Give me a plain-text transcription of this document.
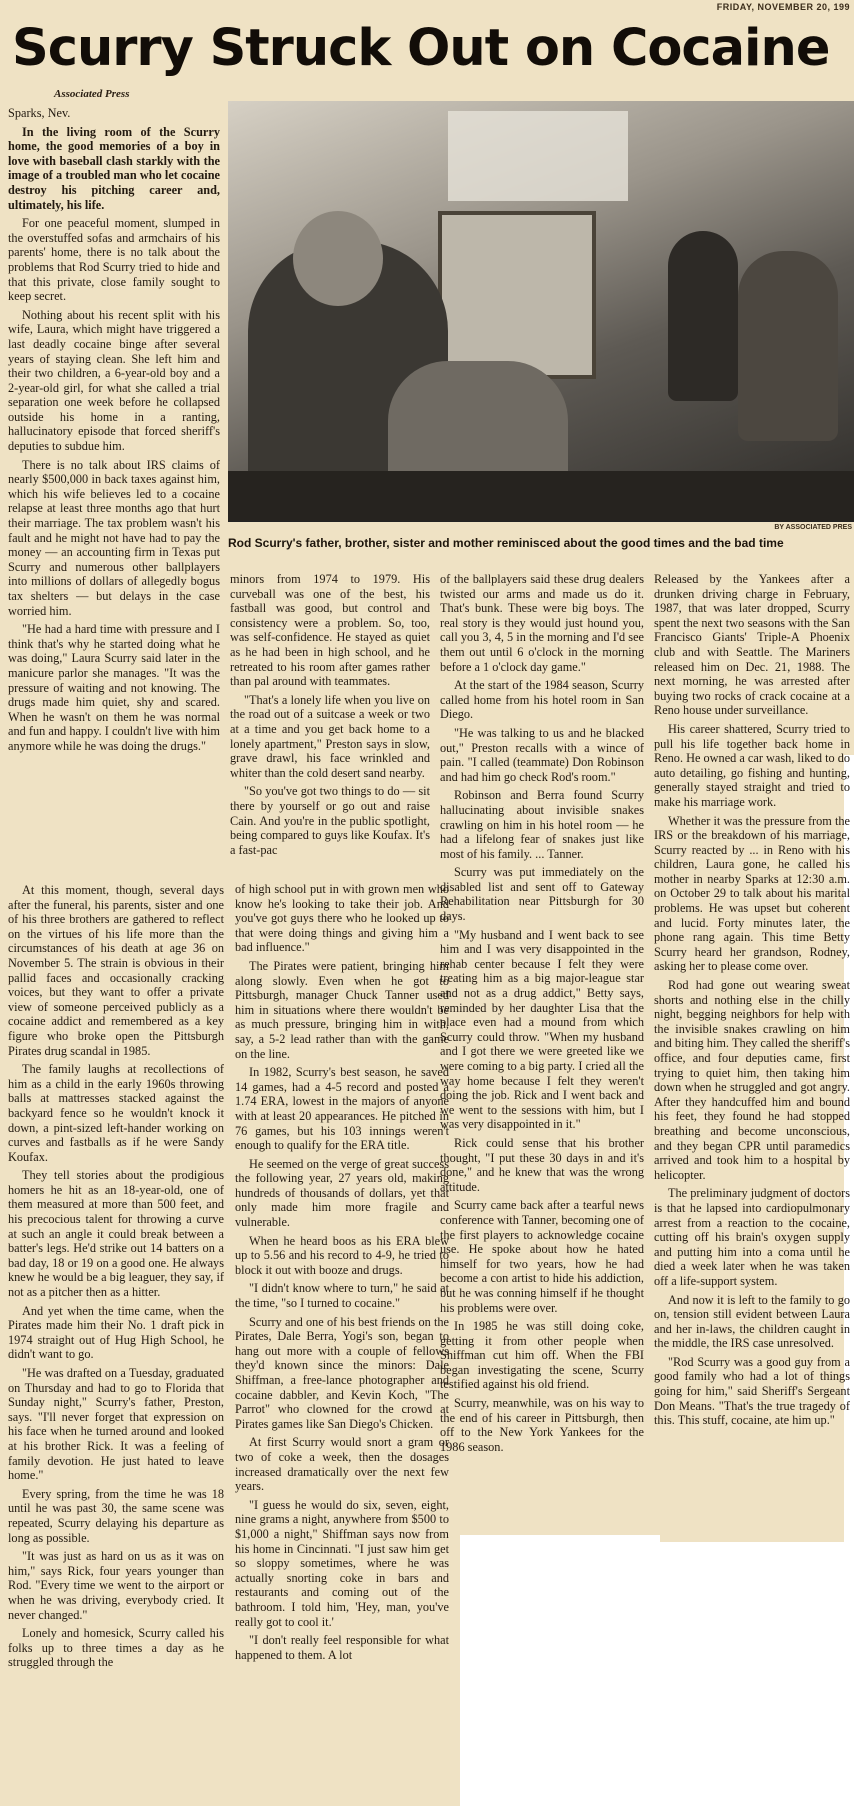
FRIDAY, NOVEMBER 20, 199
Scurry Struck Out on Cocaine
Associated Press
BY ASSOCIATED PRES
Rod Scurry's father, brother, sister and mother reminisced about the good times and the bad time

Sparks, Nev.

In the living room of the Scurry home, the good memories of a boy in love with baseball clash starkly with the image of a troubled man who let cocaine destroy his pitching career and, ultimately, his life.

For one peaceful moment, slumped in the overstuffed sofas and armchairs of his parents' home, there is no talk about the problems that Rod Scurry tried to hide and that this private, close family sought to keep secret.

Nothing about his recent split with his wife, Laura, which might have triggered a last deadly cocaine binge after several years of staying clean. She left him and their two children, a 6-year-old boy and a 2-year-old girl, for what she called a trial separation one week before he collapsed outside his home in a ranting, hallucinatory episode that forced sheriff's deputies to subdue him.

There is no talk about IRS claims of nearly $500,000 in back taxes against him, which his wife believes led to a cocaine relapse at least three months ago that hurt their marriage. The tax problem wasn't his fault and he might not have had to pay the money — an accounting firm in Texas put Scurry and numerous other ballplayers into millions of dollars of allegedly bogus tax shelters — but delays in the case worried him.

"He had a hard time with pressure and I think that's why he started doing what he was doing," Laura Scurry said later in the manicure parlor she manages. "It was the pressure of waiting and not knowing. The drugs made him quiet, shy and scared. When he wasn't on them he was normal and fun and happy. I couldn't live with him anymore while he was doing the drugs."

At this moment, though, several days after the funeral, his parents, sister and one of his three brothers are gathered to reflect on the virtues of his life more than the circumstances of his death at age 36 on November 5. The strain is obvious in their pallid faces and occasionally cracking voices, but they want to offer a private view of someone perceived publicly as a cocaine addict and remembered as a key figure who broke open the Pittsburgh Pirates drug scandal in 1985.

The family laughs at recollections of him as a child in the early 1960s throwing balls at mattresses stacked against the backyard fence so he wouldn't knock it down, a pint-sized left-hander working on curves and fastballs as if he were Sandy Koufax.

They tell stories about the prodigious homers he hit as an 18-year-old, one of them measured at more than 500 feet, and his precocious talent for throwing a curve at such an angle it could break between a batter's legs. He'd strike out 14 batters on a bad day, 18 or 19 on a good one. He always knew he would be a big leaguer, they say, if not as a pitcher then as a hitter.

And yet when the time came, when the Pirates made him their No. 1 draft pick in 1974 straight out of Hug High School, he didn't want to go.

"He was drafted on a Tuesday, graduated on Thursday and had to go to Florida that Sunday night," Scurry's father, Preston, says. "I'll never forget that expression on his face when he turned around and looked at his brother Rick. It was a feeling of family devotion. He just hated to leave home."

Every spring, from the time he was 18 until he was past 30, the same scene was repeated, Scurry delaying his departure as long as possible.

"It was just as hard on us as it was on him," says Rick, four years younger than Rod. "Every time we went to the airport or when he was driving, everybody cried. It never changed."

Lonely and homesick, Scurry called his folks up to three times a day as he struggled through the

minors from 1974 to 1979. His curveball was one of the best, his fastball was good, but control and consistency were a problem. So, too, was self-confidence. He stayed as quiet as he had been in high school, and he retreated to his room after games rather than pal around with teammates.

"That's a lonely life when you live on the road out of a suitcase a week or two at a time and you get back home to a lonely apartment," Preston says in slow, grave drawl, his face wrinkled and whiter than the cold desert sand nearby.

"So you've got two things to do — sit there by yourself or go out and raise Cain. And you're in the public spotlight, being compared to guys like Koufax. It's a fast-pac

of high school put in with grown men who know he's looking to take their job. And you've got guys there who he looked up to that were doing things and giving him a bad influence."

The Pirates were patient, bringing him along slowly. Even when he got to Pittsburgh, manager Chuck Tanner used him in situations where there wouldn't be as much pressure, bringing him in with, say, a 5-2 lead rather than with the game on the line.

In 1982, Scurry's best season, he saved 14 games, had a 4-5 record and posted a 1.74 ERA, lowest in the majors of anyone with at least 20 appearances. He pitched in 76 games, but his 103 innings weren't enough to qualify for the ERA title.

He seemed on the verge of great success the following year, 27 years old, making hundreds of thousands of dollars, yet that only made him more fragile and vulnerable.

When he heard boos as his ERA blew up to 5.56 and his record to 4-9, he tried to block it out with booze and drugs.

"I didn't know where to turn," he said at the time, "so I turned to cocaine."

Scurry and one of his best friends on the Pirates, Dale Berra, Yogi's son, began to hang out more with a couple of fellows they'd known since the minors: Dale Shiffman, a free-lance photographer and cocaine dabbler, and Kevin Koch, "The Parrot" who clowned for the crowd at Pirates games like San Diego's Chicken.

At first Scurry would snort a gram or two of coke a week, then the dosages increased dramatically over the next few years.

"I guess he would do six, seven, eight, nine grams a night, anywhere from $500 to $1,000 a night," Shiffman says now from his home in Cincinnati. "I just saw him get so sloppy sometimes, where he was actually snorting coke in bars and restaurants and coming out of the bathroom. I told him, 'Hey, man, you've really got to cool it.'

"I don't really feel responsible for what happened to them. A lot

of the ballplayers said these drug dealers twisted our arms and made us do it. That's bunk. These were big boys. The real story is they would just hound you, call you 3, 4, 5 in the morning and I'd see them out until 6 o'clock in the morning before a 1 o'clock day game."

At the start of the 1984 season, Scurry called home from his hotel room in San Diego.

"He was talking to us and he blacked out," Preston recalls with a wince of pain. "I called (teammate) Don Robinson and had him go check Rod's room."

Robinson and Berra found Scurry hallucinating about invisible snakes crawling on him in his hotel room — he had a lifelong fear of snakes just like most of his family. ... Tanner.

Scurry was put immediately on the disabled list and sent off to Gateway Rehabilitation near Pittsburgh for 30 days.

"My husband and I went back to see him and I was very disappointed in the rehab center because I felt they were treating him as a big major-league star and not as a drug addict," Betty says, reminded by her daughter Lisa that the place even had a mound from which Scurry could throw. "When my husband and I got there we were greeted like we were coming to a big party. I cried all the way home because I felt they weren't doing the job. Rick and I went back and we went to the sessions with him, but I was very disappointed in it."

Rick could sense that his brother thought, "I put these 30 days in and it's done," and he knew that was the wrong attitude.

Scurry came back after a tearful news conference with Tanner, becoming one of the first players to acknowledge cocaine use. He spoke about how he hated himself for two years, how he had become a con artist to hide his addiction, but he was conning himself if he thought his problems were over.

In 1985 he was still doing coke, getting it from other people when Shiffman cut him off. When the FBI began investigating the scene, Scurry testified against his old friend.

Scurry, meanwhile, was on his way to the end of his career in Pittsburgh, then off to the New York Yankees for the 1986 season.

Released by the Yankees after a drunken driving charge in February, 1987, that was later dropped, Scurry spent the next two seasons with the San Francisco Giants' Triple-A Phoenix club and with Seattle. The Mariners released him on Dec. 21, 1988. The next morning, he was arrested after buying two rocks of crack cocaine at a Reno house under surveillance.

His career shattered, Scurry tried to pull his life together back home in Reno. He owned a car wash, liked to do auto detailing, go fishing and hunting, generally stayed straight and tried to make his marriage work.

Whether it was the pressure from the IRS or the breakdown of his marriage, Scurry reacted by ... in Reno with his children, Laura gone, he called his mother in nearby Sparks at 12:30 a.m. on October 29 to talk about his marital problems. He was upset but coherent and lucid. Forty minutes later, the phone rang again. This time Betty Scurry heard her grandson, Rodney, asking her to please come over.

Rod had gone out wearing sweat shorts and nothing else in the chilly night, begging neighbors for help with the invisible snakes crawling on him and biting him. They called the sheriff's office, and four deputies came, first trying to quiet him, then taking him down when he struggled and got angry. After they handcuffed him and bound his feet, they found he had stopped breathing and become unconscious, and they began CPR until paramedics arrived and took him to a hospital by helicopter.

The preliminary judgment of doctors is that he lapsed into cardiopulmonary arrest from a reaction to the cocaine, cutting off his brain's oxygen supply and putting him into a coma until he died a week later when he was taken off a life-support system.

And now it is left to the family to go on, tension still evident between Laura and her in-laws, the children caught in the middle, the IRS case unresolved.

"Rod Scurry was a good guy from a good family who had a lot of things going for him," said Sheriff's Sergeant Don Means. "That's the true tragedy of this. This stuff, cocaine, ate him up."
